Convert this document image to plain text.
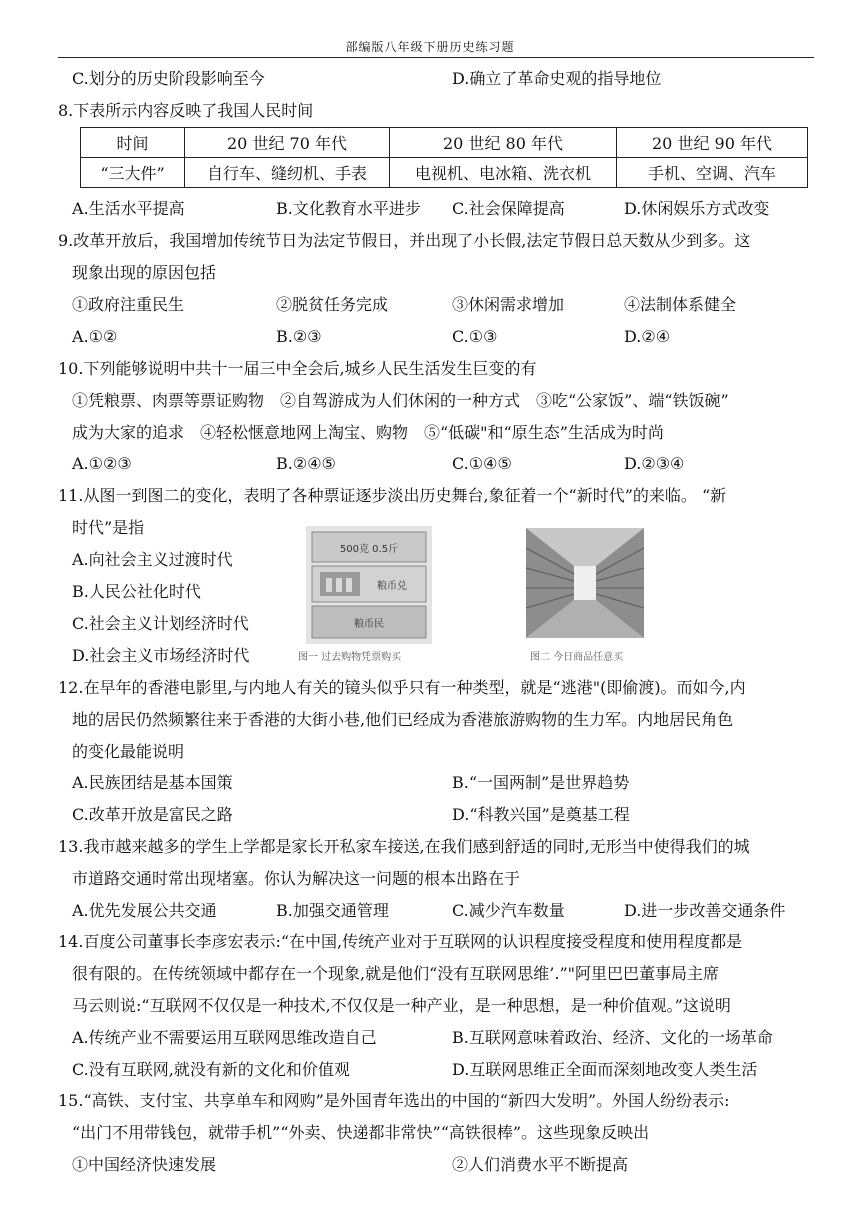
部编版八年级下册历史练习题
C.划分的历史阶段影响至今	D.确立了革命史观的指导地位
8.下表所示内容反映了我国人民时间
时间	20 世纪 70 年代	20 世纪 80 年代	20 世纪 90 年代
“三大件”	自行车、缝纫机、手表	电视机、电冰箱、洗衣机	手机、空调、汽车
A.生活水平提高	B.文化教育水平进步 C.社会保障提高	D.休闲娱乐方式改变
9.改革开放后，我国增加传统节日为法定节假日，并出现了小长假,法定节假日总天数从少到多。这
现象出现的原因包括
①政府注重民生	②脱贫任务完成	③休闲需求增加	④法制体系健全
A.①②	B.②③	C.①③	D.②④
10.下列能够说明中共十一届三中全会后,城乡人民生活发生巨变的有
①凭粮票、肉票等票证购物　②自驾游成为人们休闲的一种方式　③吃“公家饭”、端“铁饭碗”
成为大家的追求　④轻松惬意地网上淘宝、购物　⑤“低碳"和“原生态”生活成为时尚
A.①②③	B.②④⑤	C.①④⑤	D.②③④
11.从图一到图二的变化，表明了各种票证逐步淡出历史舞台,象征着一个“新时代”的来临。 “新
时代”是指
A.向社会主义过渡时代
B.人民公社化时代
C.社会主义计划经济时代
D.社会主义市场经济时代
500克 0.5斤
粮币兑
粮币民
图一 过去购物凭票购买	图二 今日商品任意买
12.在早年的香港电影里,与内地人有关的镜头似乎只有一种类型，就是“逃港"(即偷渡)。而如今,内
地的居民仍然频繁往来于香港的大街小巷,他们已经成为香港旅游购物的生力军。内地居民角色
的变化最能说明
A.民族团结是基本国策	B.“一国两制”是世界趋势
C.改革开放是富民之路	D.“科教兴国”是奠基工程
13.我市越来越多的学生上学都是家长开私家车接送,在我们感到舒适的同时,无形当中使得我们的城
市道路交通时常出现堵塞。你认为解决这一问题的根本出路在于
A.优先发展公共交通	B.加强交通管理	C.减少汽车数量	D.进一步改善交通条件
14.百度公司董事长李彦宏表示:“在中国,传统产业对于互联网的认识程度接受程度和使用程度都是
很有限的。在传统领域中都存在一个现象,就是他们“没有互联网思维’.”"阿里巴巴董事局主席
马云则说:“互联网不仅仅是一种技术,不仅仅是一种产业，是一种思想，是一种价值观。”这说明
A.传统产业不需要运用互联网思维改造自己	B.互联网意味着政治、经济、文化的一场革命
C.没有互联网,就没有新的文化和价值观	D.互联网思维正全面而深刻地改变人类生活
15.“高铁、支付宝、共享单车和网购”是外国青年选出的中国的“新四大发明”。外国人纷纷表示:
“出门不用带钱包，就带手机”“外卖、快递都非常快”“高铁很棒”。这些现象反映出
①中国经济快速发展	②人们消费水平不断提高
